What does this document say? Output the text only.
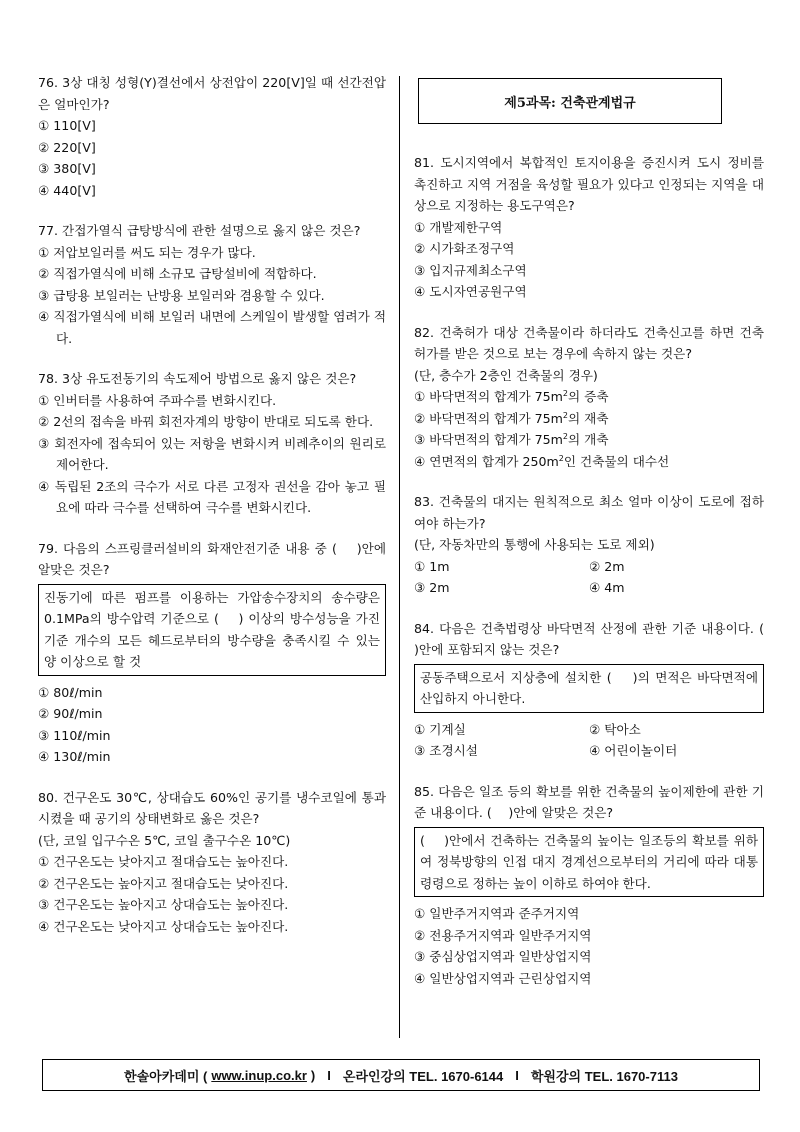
76. 3상 대칭 성형(Y)결선에서 상전압이 220[V]일 때 선간전압은 얼마인가?
① 110[V]
② 220[V]
③ 380[V]
④ 440[V]
77. 간접가열식 급탕방식에 관한 설명으로 옳지 않은 것은?
① 저압보일러를 써도 되는 경우가 많다.
② 직접가열식에 비해 소규모 급탕설비에 적합하다.
③ 급탕용 보일러는 난방용 보일러와 겸용할 수 있다.
④ 직접가열식에 비해 보일러 내면에 스케일이 발생할 염려가 적다.
78. 3상 유도전동기의 속도제어 방법으로 옳지 않은 것은?
① 인버터를 사용하여 주파수를 변화시킨다.
② 2선의 접속을 바꿔 회전자계의 방향이 반대로 되도록 한다.
③ 회전자에 접속되어 있는 저항을 변화시켜 비례추이의 원리로 제어한다.
④ 독립된 2조의 극수가 서로 다른 고정자 권선을 감아 놓고 필요에 따라 극수를 선택하여 극수를 변화시킨다.
79. 다음의 스프링클러설비의 화재안전기준 내용 중 (　 )안에 알맞은 것은?
진동기에 따른 펌프를 이용하는 가압송수장치의 송수량은 0.1MPa의 방수압력 기준으로 (　 ) 이상의 방수성능을 가진 기준 개수의 모든 헤드로부터의 방수량을 충족시킬 수 있는 양 이상으로 할 것
① 80ℓ/min
② 90ℓ/min
③ 110ℓ/min
④ 130ℓ/min
80. 건구온도 30℃, 상대습도 60%인 공기를 냉수코일에 통과시켰을 때 공기의 상태변화로 옳은 것은?
(단, 코일 입구수온 5℃, 코일 출구수온 10℃)
① 건구온도는 낮아지고 절대습도는 높아진다.
② 건구온도는 높아지고 절대습도는 낮아진다.
③ 건구온도는 높아지고 상대습도는 높아진다.
④ 건구온도는 낮아지고 상대습도는 높아진다.
제5과목: 건축관계법규
81. 도시지역에서 복합적인 토지이용을 증진시켜 도시 정비를 촉진하고 지역 거점을 육성할 필요가 있다고 인정되는 지역을 대상으로 지정하는 용도구역은?
① 개발제한구역
② 시가화조정구역
③ 입지규제최소구역
④ 도시자연공원구역
82. 건축허가 대상 건축물이라 하더라도 건축신고를 하면 건축허가를 받은 것으로 보는 경우에 속하지 않는 것은?
(단, 층수가 2층인 건축물의 경우)
① 바닥면적의 합계가 $75m^2$의 증축
② 바닥면적의 합계가 $75m^2$의 재축
③ 바닥면적의 합계가 $75m^2$의 개축
④ 연면적의 합계가 $250m^2$인 건축물의 대수선
83. 건축물의 대지는 원칙적으로 최소 얼마 이상이 도로에 접하여야 하는가?
(단, 자동차만의 통행에 사용되는 도로 제외)
① 1m	② 2m
③ 2m	④ 4m
84. 다음은 건축법령상 바닥면적 산정에 관한 기준 내용이다. (　 )안에 포함되지 않는 것은?
공동주택으로서 지상층에 설치한 (　 )의 면적은 바닥면적에 산입하지 아니한다.
① 기계실	② 탁아소
③ 조경시설	④ 어린이놀이터
85. 다음은 일조 등의 확보를 위한 건축물의 높이제한에 관한 기준 내용이다. (　 )안에 알맞은 것은?
(　 )안에서 건축하는 건축물의 높이는 일조등의 확보를 위하여 정북방향의 인접 대지 경계선으로부터의 거리에 따라 대통령령으로 정하는 높이 이하로 하여야 한다.
① 일반주거지역과 준주거지역
② 전용주거지역과 일반주거지역
③ 중심상업지역과 일반상업지역
④ 일반상업지역과 근린상업지역
한솔아카데미 ( www.inup.co.kr ) I 온라인강의 TEL. 1670-6144 I 학원강의 TEL. 1670-7113
